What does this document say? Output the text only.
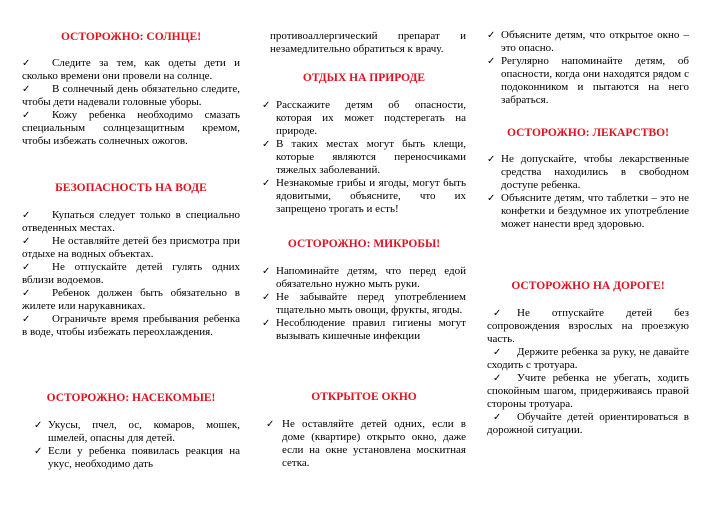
ОСТОРОЖНО: СОЛНЦЕ!
✓ Следите за тем, как одеты дети и сколько времени они провели на солнце.
✓ В солнечный день обязательно следите, чтобы дети надевали головные уборы.
✓ Кожу ребенка необходимо смазать специальным солнцезащитным кремом, чтобы избежать солнечных ожогов.
БЕЗОПАСНОСТЬ НА ВОДЕ
✓ Купаться следует только в специально отведенных местах.
✓ Не оставляйте детей без присмотра при отдыхе на водных объектах.
✓ Не отпускайте детей гулять одних вблизи водоемов.
✓ Ребенок должен быть обязательно в жилете или нарукавниках.
✓ Ограничьте время пребывания ребенка в воде, чтобы избежать переохлаждения.
ОСТОРОЖНО: НАСЕКОМЫЕ!
✓ Укусы, пчел, ос, комаров, мошек, шмелей, опасны для детей.
✓ Если у ребенка появилась реакция на укус, необходимо дать

противоаллергический препарат и незамедлительно обратиться к врачу.

ОТДЫХ НА ПРИРОДЕ
✓ Расскажите детям об опасности, которая их может подстерегать на природе.
✓ В таких местах могут быть клещи, которые являются переносчиками тяжелых заболеваний.
✓ Незнакомые грибы и ягоды, могут быть ядовитыми, объясните, что их запрещено трогать и есть!
ОСТОРОЖНО: МИКРОБЫ!
✓ Напоминайте детям, что перед едой обязательно нужно мыть руки.
✓ Не забывайте перед употреблением тщательно мыть овощи, фрукты, ягоды.
✓ Несоблюдение правил гигиены могут вызывать кишечные инфекции
ОТКРЫТОЕ ОКНО
✓ Не оставляйте детей одних, если в доме (квартире) открыто окно, даже если на окне установлена москитная сетка.
✓ Объясните детям, что открытое окно – это опасно.
✓ Регулярно напоминайте детям, об опасности, когда они находятся рядом с подоконником и пытаются на него забраться.
ОСТОРОЖНО: ЛЕКАРСТВО!
✓ Не допускайте, чтобы лекарственные средства находились в свободном доступе ребенка.
✓ Объясните детям, что таблетки – это не конфетки и бездумное их употребление может нанести вред здоровью.
ОСТОРОЖНО НА ДОРОГЕ!
✓ Не отпускайте детей без сопровождения взрослых на проезжую часть.
✓ Держите ребенка за руку, не давайте сходить с тротуара.
✓ Учите ребенка не убегать, ходить спокойным шагом, придерживаясь правой стороны тротуара.
✓ Обучайте детей ориентироваться в дорожной ситуации.
